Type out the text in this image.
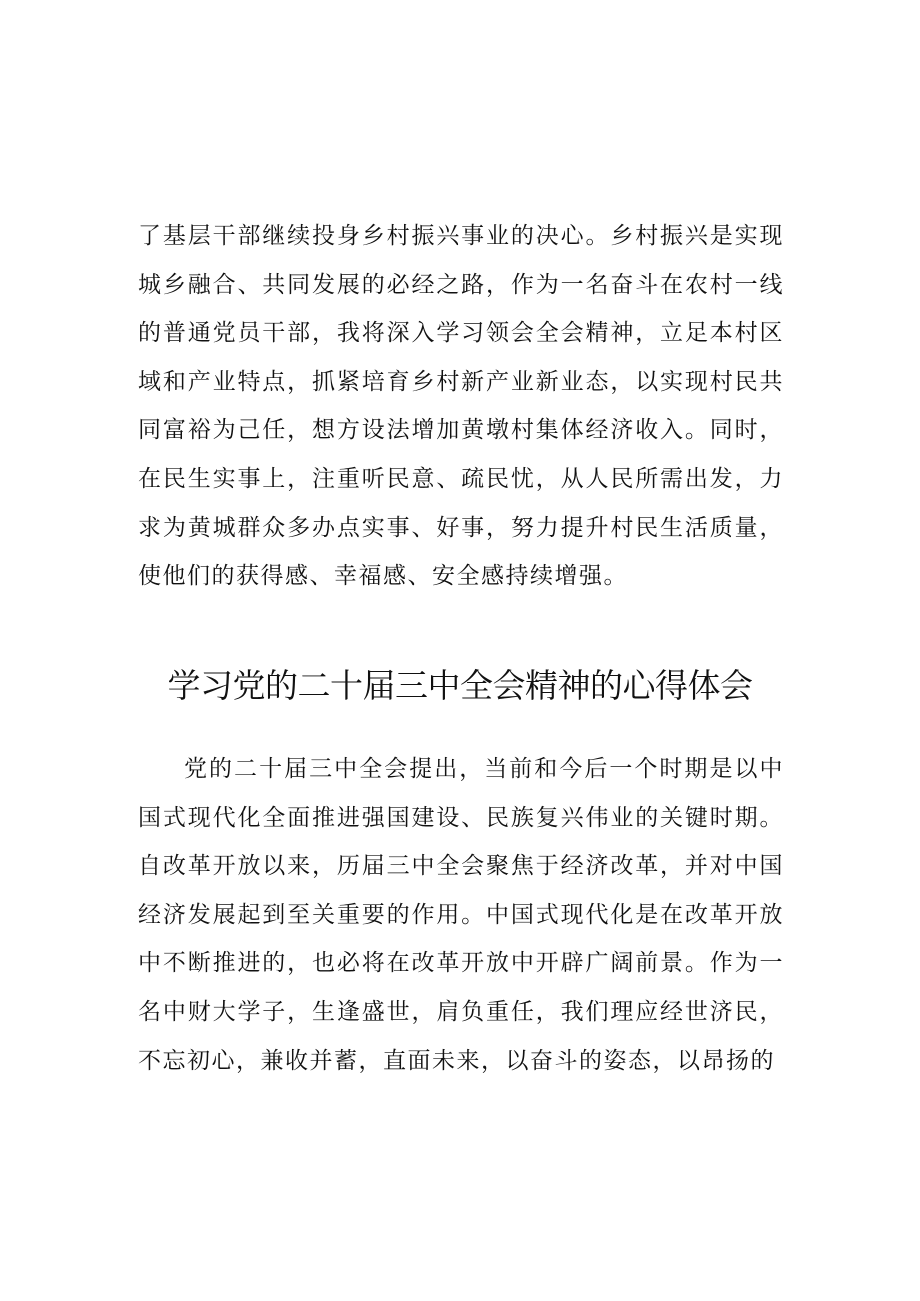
了基层干部继续投身乡村振兴事业的决心。乡村振兴是实现城乡融合、共同发展的必经之路，作为一名奋斗在农村一线的普通党员干部，我将深入学习领会全会精神，立足本村区域和产业特点，抓紧培育乡村新产业新业态，以实现村民共同富裕为己任，想方设法增加黄墩村集体经济收入。同时，在民生实事上，注重听民意、疏民忧，从人民所需出发，力求为黄城群众多办点实事、好事，努力提升村民生活质量，使他们的获得感、幸福感、安全感持续增强。

学习党的二十届三中全会精神的心得体会

党的二十届三中全会提出，当前和今后一个时期是以中国式现代化全面推进强国建设、民族复兴伟业的关键时期。自改革开放以来，历届三中全会聚焦于经济改革，并对中国经济发展起到至关重要的作用。中国式现代化是在改革开放中不断推进的，也必将在改革开放中开辟广阔前景。作为一名中财大学子，生逢盛世，肩负重任，我们理应经世济民，不忘初心，兼收并蓄，直面未来，以奋斗的姿态，以昂扬的
